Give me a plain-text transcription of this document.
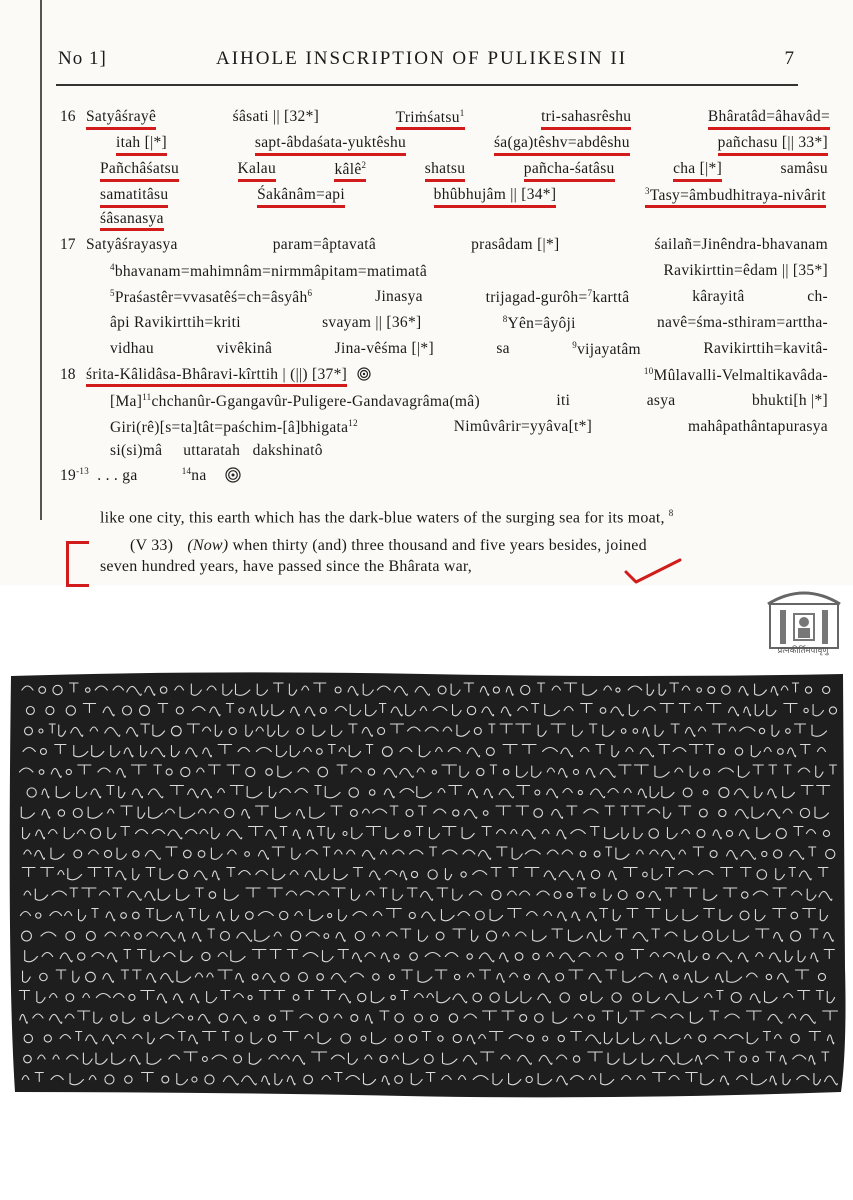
No 1]	AIHOLE INSCRIPTION OF PULIKESIN II	7
16 Satyâśrayê	śâsati || [32*]	Triṁśatsu$^1$	tri-sahasrêshu	Bhâratâd=âhavâd=
itah [|*]	sapt-âbdaśata-yuktêshu	śa(ga)têshv=abdêshu	pañchasu [|| 33*]
Pañchâśatsu	Kalau	kâlê$^2$	shatsu	pañcha-śatâsu	cha [|*]	samâsu
samatitâsu	Śakânâm=api	bhûbhujâm || [34*]	$^3$Tasy=âmbudhitraya-nivârit
śâsanasya
17 Satyâśrayasya	param=âptavatâ	prasâdam [|*]	śailañ=Jinêndra-bhavanam
$^4$bhavanam=mahimnâm=nirmmâpitam=matimatâ	Ravikirttin=êdam || [35*]
$^5$Praśastêr=vvasatêś=ch=âsyâh$^6$	Jinasya	trijagad-gurôh=$^7$karttâ	kârayitâ	ch-
âpi Ravikirttih=kriti	svayam || [36*]	$^8$Yên=âyôji	navê=śma-sthiram=arttha-
vidhau	vivêkinâ	Jina-vêśma [|*]	sa	$^9$vijayatâm	Ravikirttih=kavitâ-
18 śrita-Kâlidâsa-Bhâravi-kîrttih | (||) [37*]	$^{10}$Mûlavalli-Velmaltikavâda-
$[Ma]^{11}chchanûr-Ggangavûr-Puligere-Gandavagrâma(mâ)$	iti	asya	bhukti[h |*]
Giri(rê)[s=ta]tât=paśchim-[â]bhigata$^{12}$	Nimûvârir=yyâva[t*]	mahâpathântapurasya
si(si)mâ uttaratah dakshinatô
$19^{-13}$ . . . ga	$^{14}$na
like one city, this earth which has the dark-blue waters of the surging sea for its moat, $^8$
(V 33) (Now) when thirty (and) three thousand and five years besides, joined
seven hundred years, have passed since the Bhârata war,
प्रत्नकीर्तिमपावृणु
